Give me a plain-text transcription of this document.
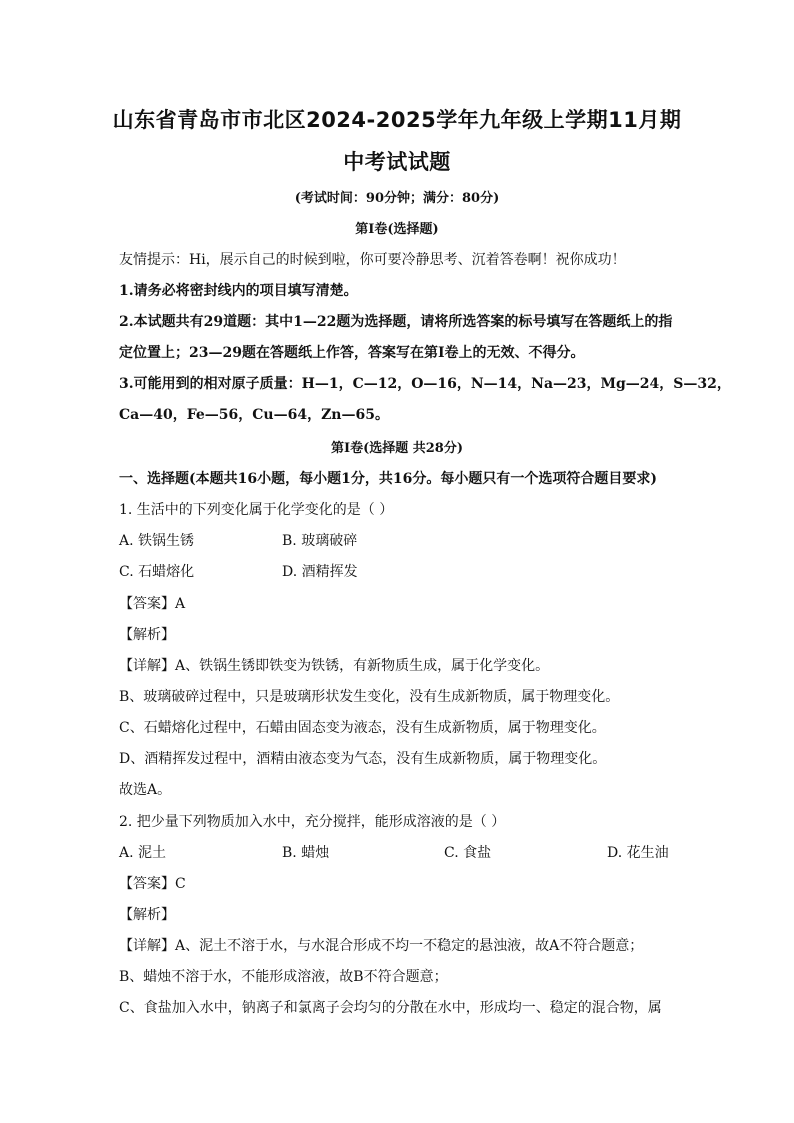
山东省青岛市市北区2024-2025学年九年级上学期11月期
中考试试题
(考试时间：90分钟；满分：80分)
第Ⅰ卷(选择题)
友情提示：Hi，展示自己的时候到啦，你可要冷静思考、沉着答卷啊！祝你成功！
1.请务必将密封线内的项目填写清楚。
2.本试题共有29道题：其中1—22题为选择题，请将所选答案的标号填写在答题纸上的指
定位置上；23—29题在答题纸上作答，答案写在第Ⅰ卷上的无效、不得分。
3.可能用到的相对原子质量：H—1，C—12，O—16，N—14，Na—23，Mg—24，S—32，
Ca—40，Fe—56，Cu—64，Zn—65。
第Ⅰ卷(选择题 共28分)
一、选择题(本题共16小题，每小题1分，共16分。每小题只有一个选项符合题目要求)
1. 生活中的下列变化属于化学变化的是（ ）
A. 铁锅生锈	B. 玻璃破碎
C. 石蜡熔化	D. 酒精挥发
【答案】A
【解析】
【详解】A、铁锅生锈即铁变为铁锈，有新物质生成，属于化学变化。
B、玻璃破碎过程中，只是玻璃形状发生变化，没有生成新物质，属于物理变化。
C、石蜡熔化过程中，石蜡由固态变为液态，没有生成新物质，属于物理变化。
D、酒精挥发过程中，酒精由液态变为气态，没有生成新物质，属于物理变化。
故选A。
2. 把少量下列物质加入水中，充分搅拌，能形成溶液的是（ ）
A. 泥土	B. 蜡烛	C. 食盐	D. 花生油
【答案】C
【解析】
【详解】A、泥土不溶于水，与水混合形成不均一不稳定的悬浊液，故A不符合题意；
B、蜡烛不溶于水，不能形成溶液，故B不符合题意；
C、食盐加入水中，钠离子和氯离子会均匀的分散在水中，形成均一、稳定的混合物，属
